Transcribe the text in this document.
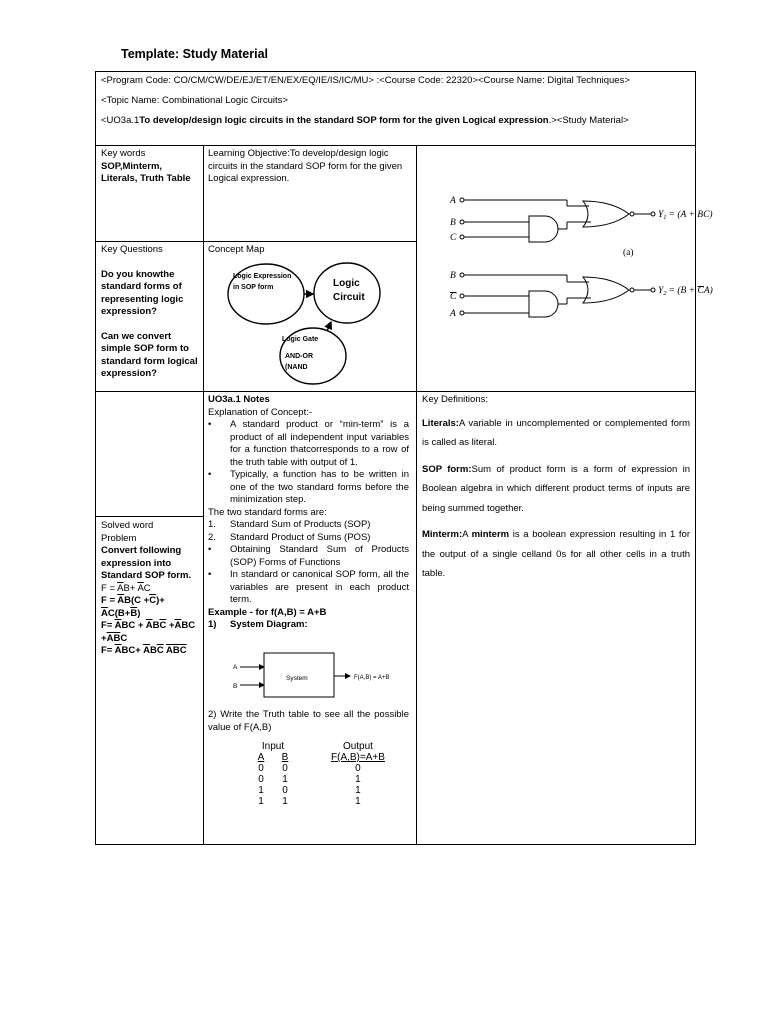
Template: Study Material
<Program Code: CO/CM/CW/DE/EJ/ET/EN/EX/EQ/IE/IS/IC/MU> :<Course Code: 22320><Course Name: Digital Techniques>
<Topic Name: Combinational Logic Circuits>
<UO3a.1To develop/design logic circuits in the standard SOP form for the given Logical expression.><Study Material>
Key words
SOP,Minterm, Literals, Truth Table
Learning Objective:To develop/design logic circuits in the standard SOP form for the given Logical expression.
A
B
C
$Y_1 = (A + BC)$
(a)
B
C
A
$Y_2 = (B + CA)$
Key Questions
Do you knowthe standard forms of representing logic expression?
Can we convert simple SOP form to standard form logical expression?
Concept Map
Logic Expression in SOP form	Logic Circuit
Logic Gate
AND-OR
(NAND
Solved word
Problem
Convert following expression into Standard SOP form.
$F = \overline{A}B+ \overline{A}C$
$F = \overline{A}B(C +\overline{C})+$
$\overline{A}C(B+\overline{B})$
$F= \overline{A}BC + \overline{A}B\overline{C} +\overline{A}BC$
$+\overline{A}\overline{B}C$
$F= \overline{A}BC+ \overline{A}B\overline{C}$ $\overline{A}\overline{B}\overline{C}$
UO3a.1 Notes
Explanation of Concept:-
• A standard product or “min-term” is a product of all independent input variables for a function thatcorresponds to a row of the truth table with output of 1.
• Typically, a function has to be written in one of the two standard forms before the minimization step.
The two standard forms are:
1. Standard Sum of Products (SOP)
2. Standard Product of Sums (POS)
• Obtaining Standard Sum of Products (SOP) Forms of Functions
• In standard or canonical SOP form, all the variables are present in each product term.
Example - for f(A,B) = A+B
1) System Diagram:
A
B
System	F(A,B) = A+B
2) Write the Truth table to see all the possible value of F(A,B)
Input		Output
A	B	F(A,B)=A+B
0	0	0
0	1	1
1	0	1
1	1	1

Key Definitions:

Literals:A variable in uncomplemented or complemented form is called as literal.

SOP form:Sum of product form is a form of expression in Boolean algebra in which different product terms of inputs are being summed together.

Minterm:A minterm is a boolean expression resulting in 1 for the output of a single celland 0s for all other cells in a truth table.
